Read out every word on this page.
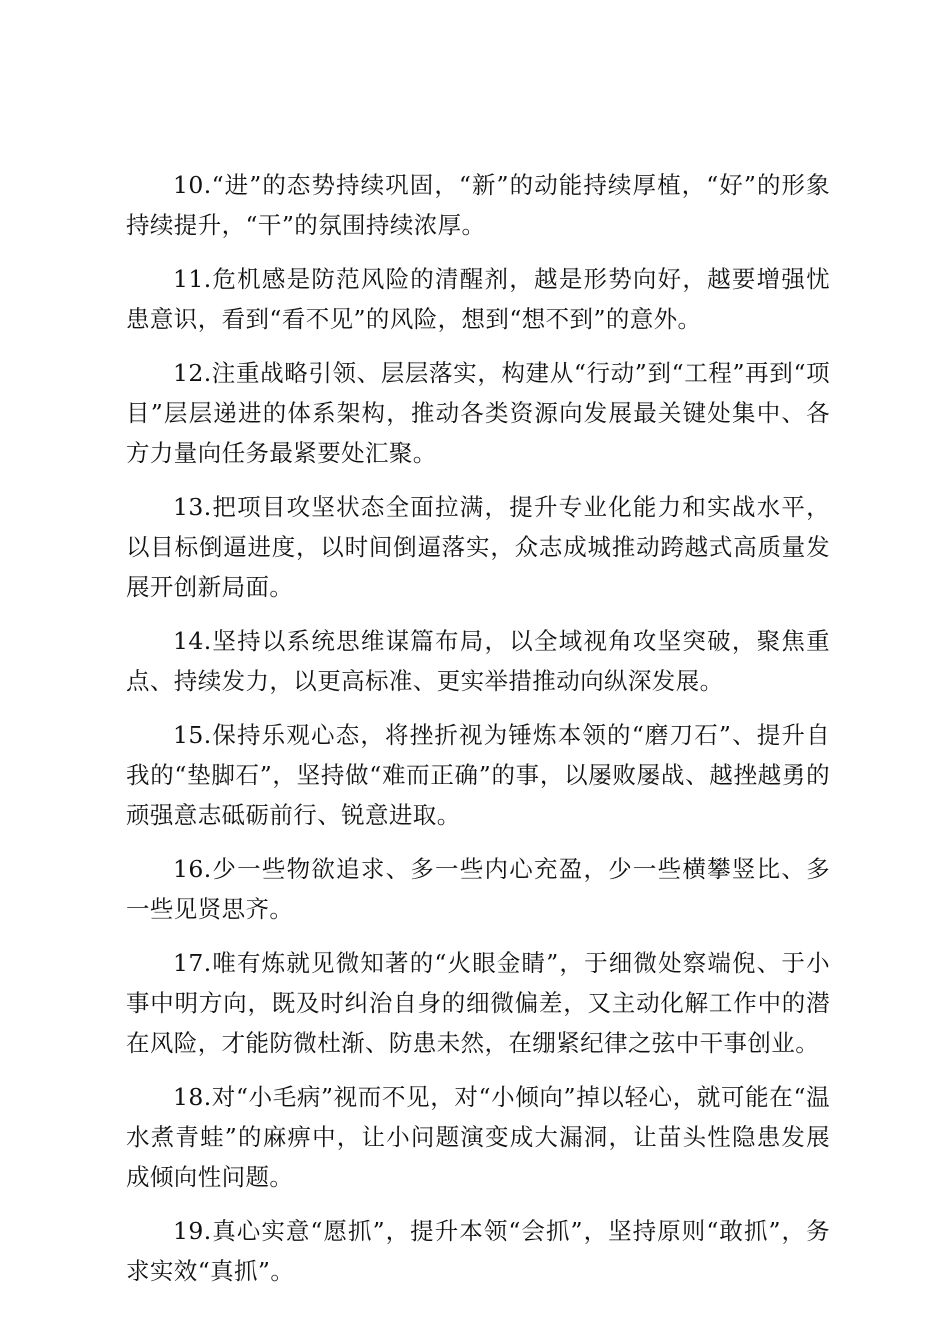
10.“进”的态势持续巩固，“新”的动能持续厚植，“好”的形象持续提升，“干”的氛围持续浓厚。

11.危机感是防范风险的清醒剂，越是形势向好，越要增强忧患意识，看到“看不见”的风险，想到“想不到”的意外。

12.注重战略引领、层层落实，构建从“行动”到“工程”再到“项目”层层递进的体系架构，推动各类资源向发展最关键处集中、各方力量向任务最紧要处汇聚。

13.把项目攻坚状态全面拉满，提升专业化能力和实战水平，以目标倒逼进度，以时间倒逼落实，众志成城推动跨越式高质量发展开创新局面。

14.坚持以系统思维谋篇布局，以全域视角攻坚突破，聚焦重点、持续发力，以更高标准、更实举措推动向纵深发展。

15.保持乐观心态，将挫折视为锤炼本领的“磨刀石”、提升自我的“垫脚石”，坚持做“难而正确”的事，以屡败屡战、越挫越勇的顽强意志砥砺前行、锐意进取。

16.少一些物欲追求、多一些内心充盈，少一些横攀竖比、多一些见贤思齐。

17.唯有炼就见微知著的“火眼金睛”，于细微处察端倪、于小事中明方向，既及时纠治自身的细微偏差，又主动化解工作中的潜在风险，才能防微杜渐、防患未然，在绷紧纪律之弦中干事创业。

18.对“小毛病”视而不见，对“小倾向”掉以轻心，就可能在“温水煮青蛙”的麻痹中，让小问题演变成大漏洞，让苗头性隐患发展成倾向性问题。

19.真心实意“愿抓”，提升本领“会抓”，坚持原则“敢抓”，务求实效“真抓”。
